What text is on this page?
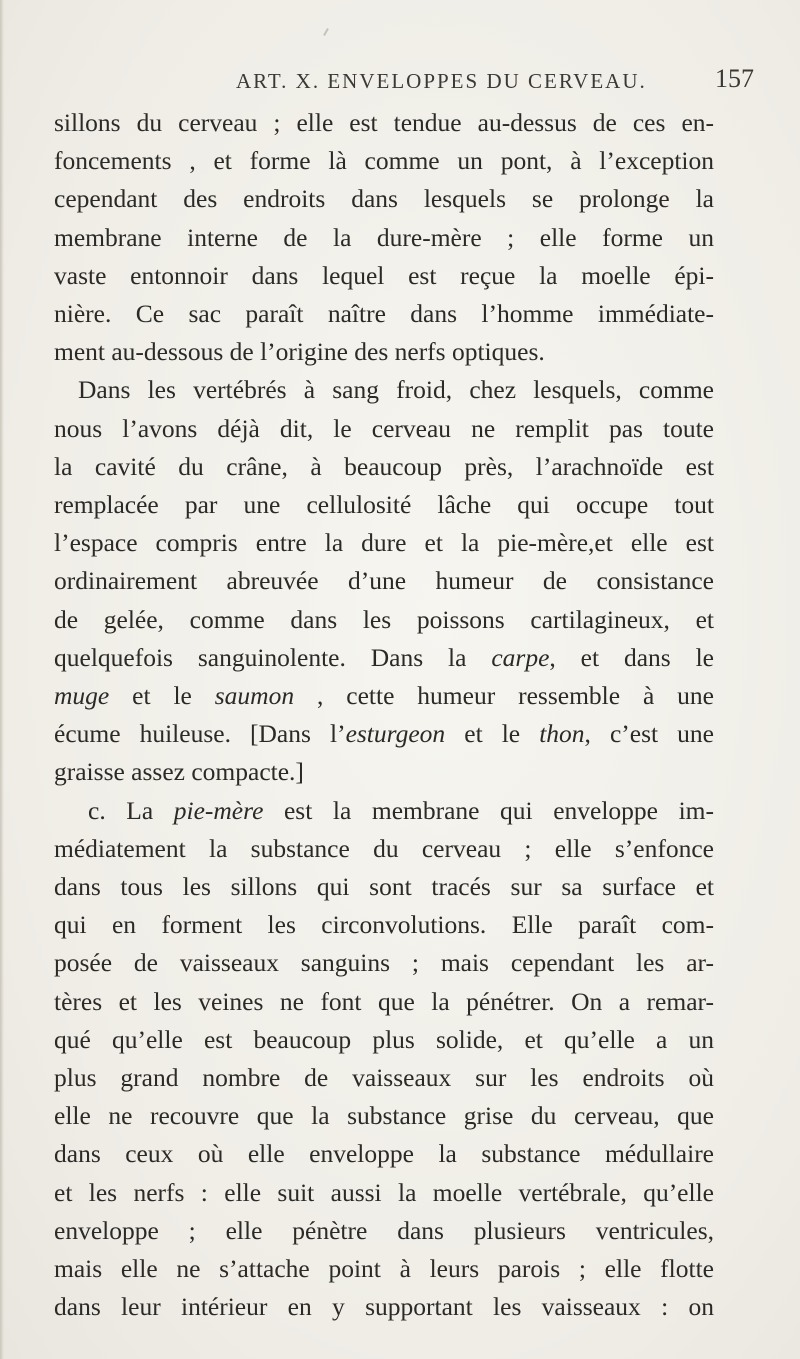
ART. X. ENVELOPPES DU CERVEAU.	157
sillons du cerveau ; elle est tendue au-dessus de ces en-
foncements , et forme là comme un pont, à l’exception
cependant des endroits dans lesquels se prolonge la
membrane interne de la dure-mère ; elle forme un
vaste entonnoir dans lequel est reçue la moelle épi-
nière. Ce sac paraît naître dans l’homme immédiate-
ment au-dessous de l’origine des nerfs optiques.
Dans les vertébrés à sang froid, chez lesquels, comme
nous l’avons déjà dit, le cerveau ne remplit pas toute
la cavité du crâne, à beaucoup près, l’arachnoïde est
remplacée par une cellulosité lâche qui occupe tout
l’espace compris entre la dure et la pie-mère,et elle est
ordinairement abreuvée d’une humeur de consistance
de gelée, comme dans les poissons cartilagineux, et
quelquefois sanguinolente. Dans la carpe, et dans le
muge et le saumon , cette humeur ressemble à une
écume huileuse. [Dans l’esturgeon et le thon, c’est une
graisse assez compacte.]
c. La pie-mère est la membrane qui enveloppe im-
médiatement la substance du cerveau ; elle s’enfonce
dans tous les sillons qui sont tracés sur sa surface et
qui en forment les circonvolutions. Elle paraît com-
posée de vaisseaux sanguins ; mais cependant les ar-
tères et les veines ne font que la pénétrer. On a remar-
qué qu’elle est beaucoup plus solide, et qu’elle a un
plus grand nombre de vaisseaux sur les endroits où
elle ne recouvre que la substance grise du cerveau, que
dans ceux où elle enveloppe la substance médullaire
et les nerfs : elle suit aussi la moelle vertébrale, qu’elle
enveloppe ; elle pénètre dans plusieurs ventricules,
mais elle ne s’attache point à leurs parois ; elle flotte
dans leur intérieur en y supportant les vaisseaux : on
